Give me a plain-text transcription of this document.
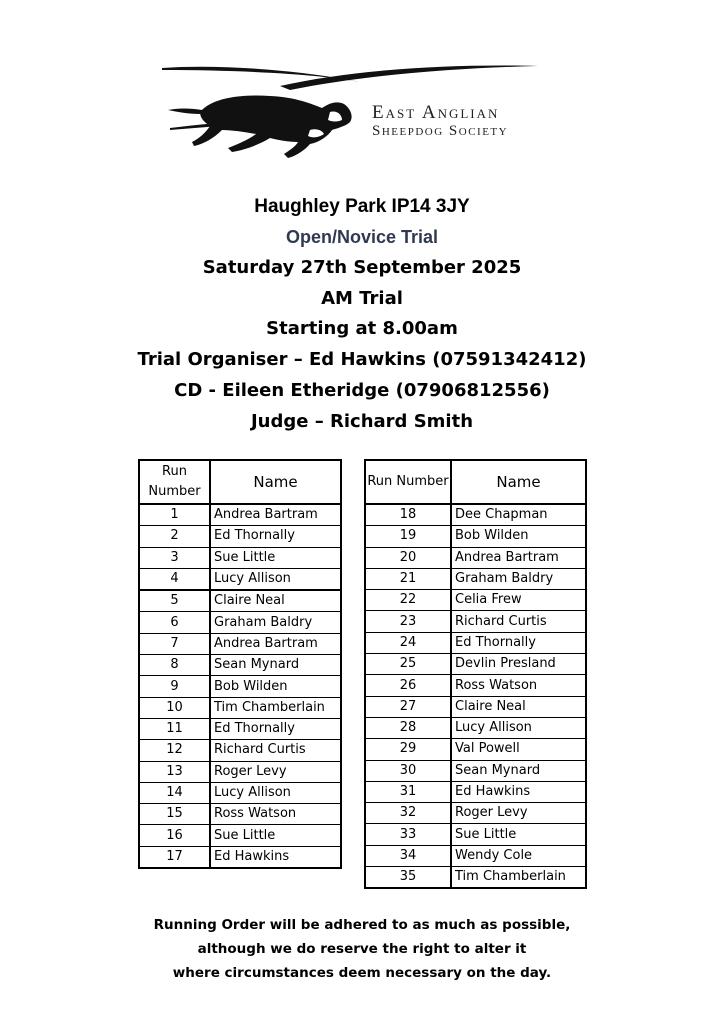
East Anglian
Sheepdog Society
Haughley Park IP14 3JY
Open/Novice Trial
Saturday 27th September 2025
AM Trial
Starting at 8.00am
Trial Organiser – Ed Hawkins (07591342412)
CD - Eileen Etheridge (07906812556)
Judge – Richard Smith
Run
Number	Name
1	Andrea Bartram
2	Ed Thornally
3	Sue Little
4	Lucy Allison
5	Claire Neal
6	Graham Baldry
7	Andrea Bartram
8	Sean Mynard
9	Bob Wilden
10	Tim Chamberlain
11	Ed Thornally
12	Richard Curtis
13	Roger Levy
14	Lucy Allison
15	Ross Watson
16	Sue Little
17	Ed Hawkins
Run Number	Name
18	Dee Chapman
19	Bob Wilden
20	Andrea Bartram
21	Graham Baldry
22	Celia Frew
23	Richard Curtis
24	Ed Thornally
25	Devlin Presland
26	Ross Watson
27	Claire Neal
28	Lucy Allison
29	Val Powell
30	Sean Mynard
31	Ed Hawkins
32	Roger Levy
33	Sue Little
34	Wendy Cole
35	Tim Chamberlain
Running Order will be adhered to as much as possible,
although we do reserve the right to alter it
where circumstances deem necessary on the day.
